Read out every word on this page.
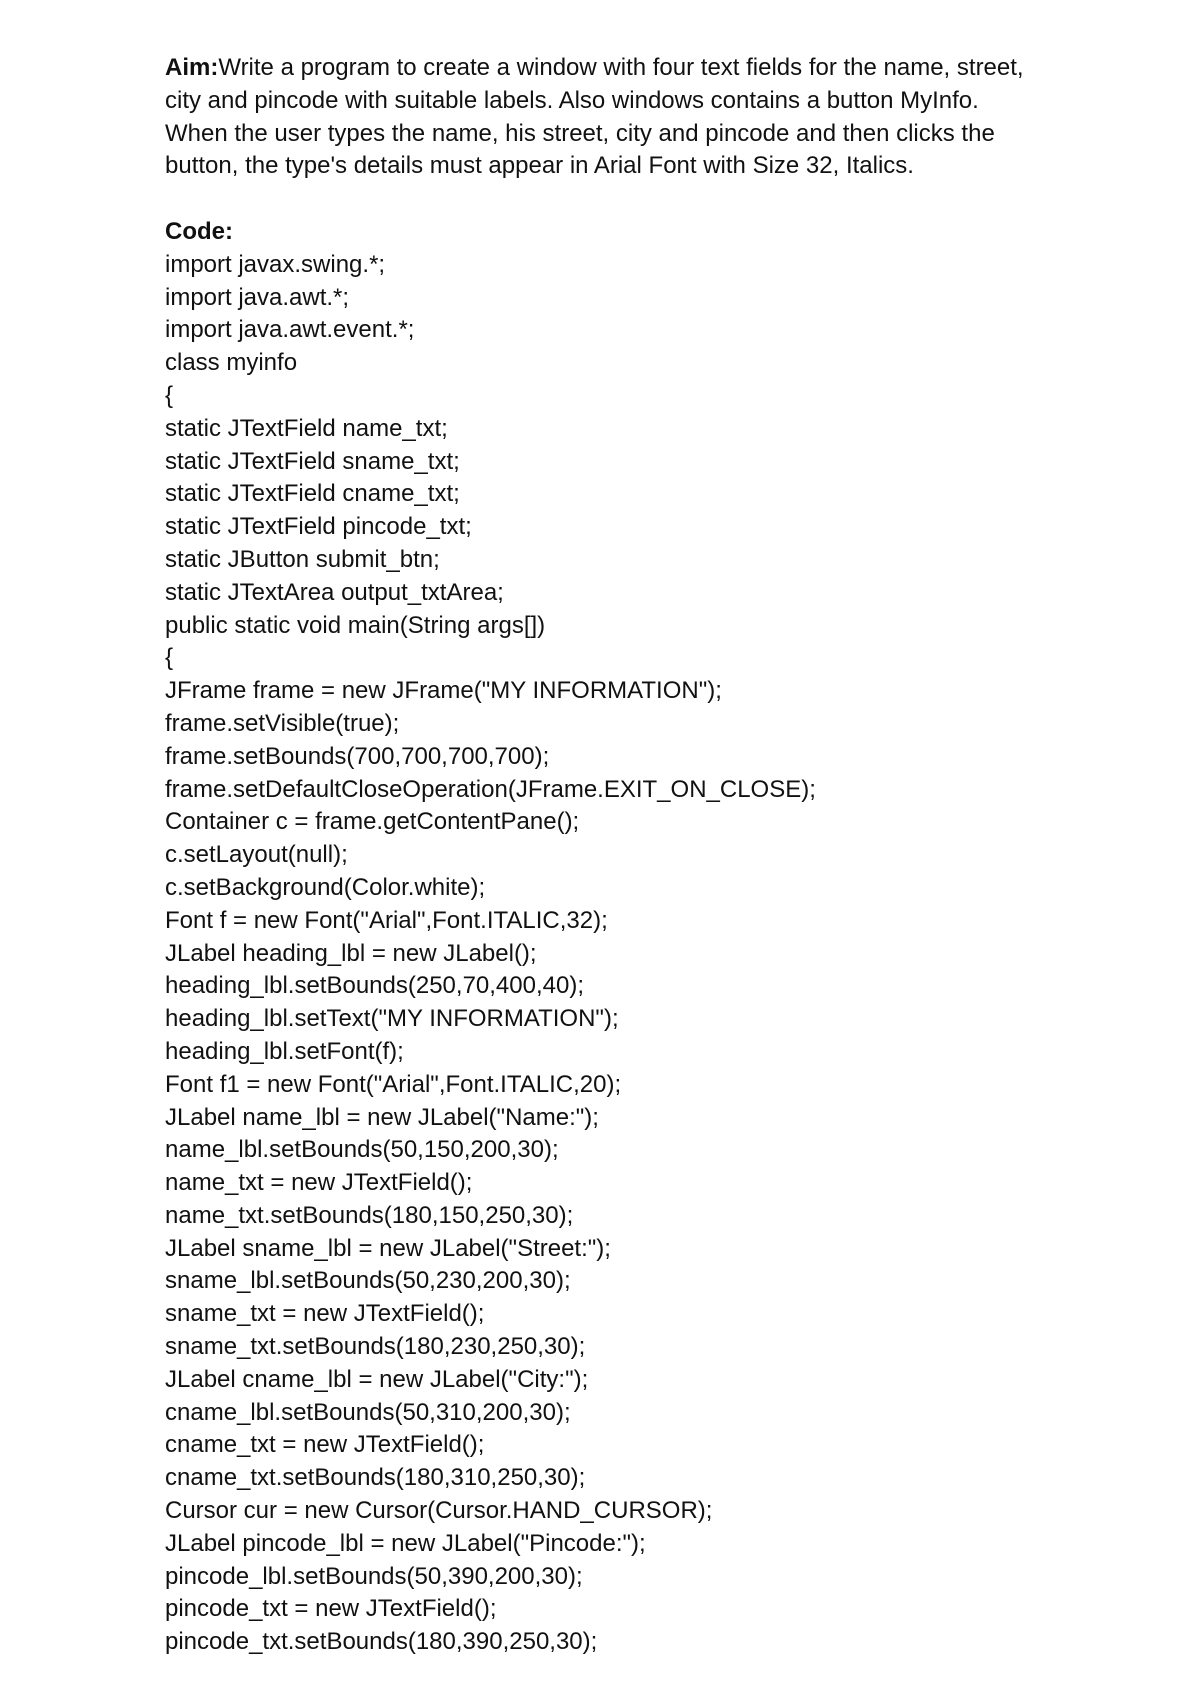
Aim:Write a program to create a window with four text fields for the name, street,
city and pincode with suitable labels. Also windows contains a button MyInfo.
When the user types the name, his street, city and pincode and then clicks the
button, the type's details must appear in Arial Font with Size 32, Italics.
Code:
import javax.swing.*;
import java.awt.*;
import java.awt.event.*;
class myinfo
{
static JTextField name_txt;
static JTextField sname_txt;
static JTextField cname_txt;
static JTextField pincode_txt;
static JButton submit_btn;
static JTextArea output_txtArea;
public static void main(String args[])
{
JFrame frame = new JFrame("MY INFORMATION");
frame.setVisible(true);
frame.setBounds(700,700,700,700);
frame.setDefaultCloseOperation(JFrame.EXIT_ON_CLOSE);
Container c = frame.getContentPane();
c.setLayout(null);
c.setBackground(Color.white);
Font f = new Font("Arial",Font.ITALIC,32);
JLabel heading_lbl = new JLabel();
heading_lbl.setBounds(250,70,400,40);
heading_lbl.setText("MY INFORMATION");
heading_lbl.setFont(f);
Font f1 = new Font("Arial",Font.ITALIC,20);
JLabel name_lbl = new JLabel("Name:");
name_lbl.setBounds(50,150,200,30);
name_txt = new JTextField();
name_txt.setBounds(180,150,250,30);
JLabel sname_lbl = new JLabel("Street:");
sname_lbl.setBounds(50,230,200,30);
sname_txt = new JTextField();
sname_txt.setBounds(180,230,250,30);
JLabel cname_lbl = new JLabel("City:");
cname_lbl.setBounds(50,310,200,30);
cname_txt = new JTextField();
cname_txt.setBounds(180,310,250,30);
Cursor cur = new Cursor(Cursor.HAND_CURSOR);
JLabel pincode_lbl = new JLabel("Pincode:");
pincode_lbl.setBounds(50,390,200,30);
pincode_txt = new JTextField();
pincode_txt.setBounds(180,390,250,30);
